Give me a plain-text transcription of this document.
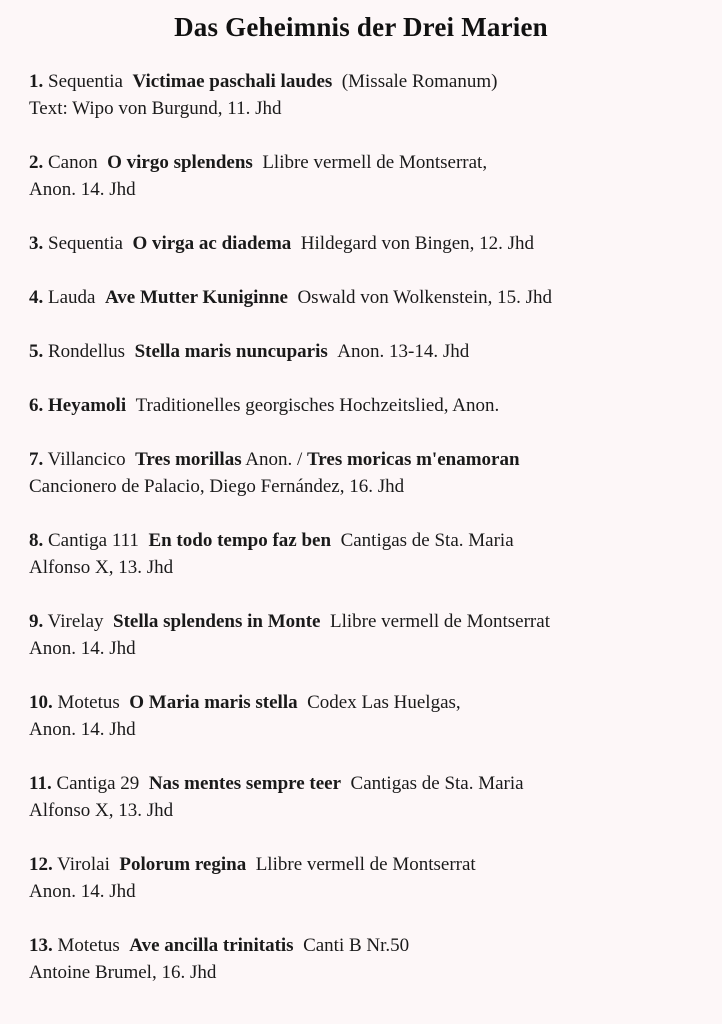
Das Geheimnis der Drei Marien
1. Sequentia Victimae paschali laudes (Missale Romanum)
Text: Wipo von Burgund, 11. Jhd
2. Canon O virgo splendens Llibre vermell de Montserrat,
Anon. 14. Jhd
3. Sequentia O virga ac diadema Hildegard von Bingen, 12. Jhd
4. Lauda Ave Mutter Kuniginne Oswald von Wolkenstein, 15. Jhd
5. Rondellus Stella maris nuncuparis Anon. 13-14. Jhd
6. Heyamoli Traditionelles georgisches Hochzeitslied, Anon.
7. Villancico Tres morillas Anon. / Tres moricas m'enamoran
Cancionero de Palacio, Diego Fernández, 16. Jhd
8. Cantiga 111 En todo tempo faz ben Cantigas de Sta. Maria
Alfonso X, 13. Jhd
9. Virelay Stella splendens in Monte Llibre vermell de Montserrat
Anon. 14. Jhd
10. Motetus O Maria maris stella Codex Las Huelgas,
Anon. 14. Jhd
11. Cantiga 29 Nas mentes sempre teer Cantigas de Sta. Maria
Alfonso X, 13. Jhd
12. Virolai Polorum regina Llibre vermell de Montserrat
Anon. 14. Jhd
13. Motetus Ave ancilla trinitatis Canti B Nr.50
Antoine Brumel, 16. Jhd
